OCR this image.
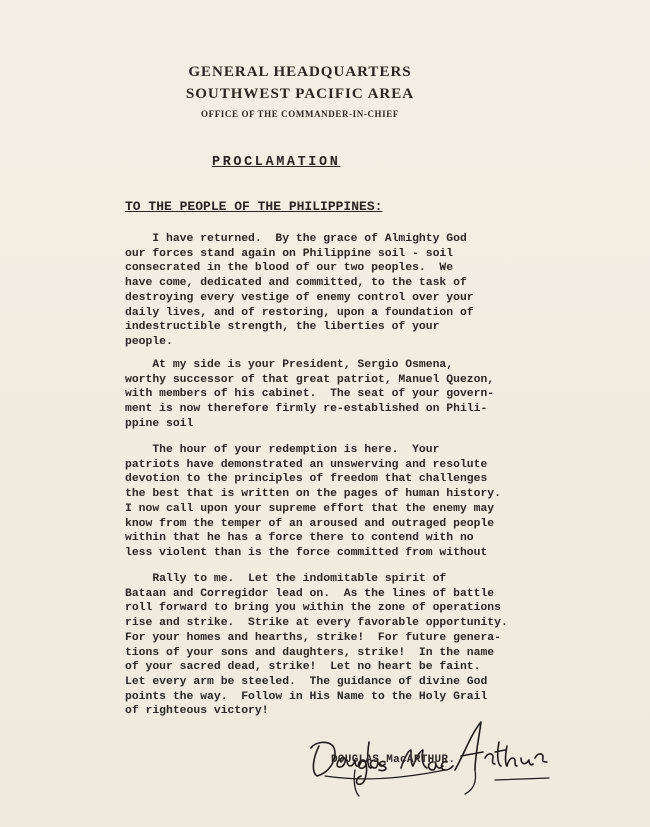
GENERAL HEADQUARTERS
SOUTHWEST PACIFIC AREA
OFFICE OF THE COMMANDER-IN-CHIEF
PROCLAMATION
TO THE PEOPLE OF THE PHILIPPINES:
I have returned.  By the grace of Almighty God
our forces stand again on Philippine soil - soil
consecrated in the blood of our two peoples.  We
have come, dedicated and committed, to the task of
destroying every vestige of enemy control over your
daily lives, and of restoring, upon a foundation of
indestructible strength, the liberties of your
people.
At my side is your President, Sergio Osmena,
worthy successor of that great patriot, Manuel Quezon,
with members of his cabinet.  The seat of your govern-
ment is now therefore firmly re-established on Phili-
ppine soil
The hour of your redemption is here.  Your
patriots have demonstrated an unswerving and resolute
devotion to the principles of freedom that challenges
the best that is written on the pages of human history.
I now call upon your supreme effort that the enemy may
know from the temper of an aroused and outraged people
within that he has a force there to contend with no
less violent than is the force committed from without
Rally to me.  Let the indomitable spirit of
Bataan and Corregidor lead on.  As the lines of battle
roll forward to bring you within the zone of operations
rise and strike.  Strike at every favorable opportunity.
For your homes and hearths, strike!  For future genera-
tions of your sons and daughters, strike!  In the name
of your sacred dead, strike!  Let no heart be faint.
Let every arm be steeled.  The guidance of divine God
points the way.  Follow in His Name to the Holy Grail
of righteous victory!
DOUGLAS MacARTHUR.
